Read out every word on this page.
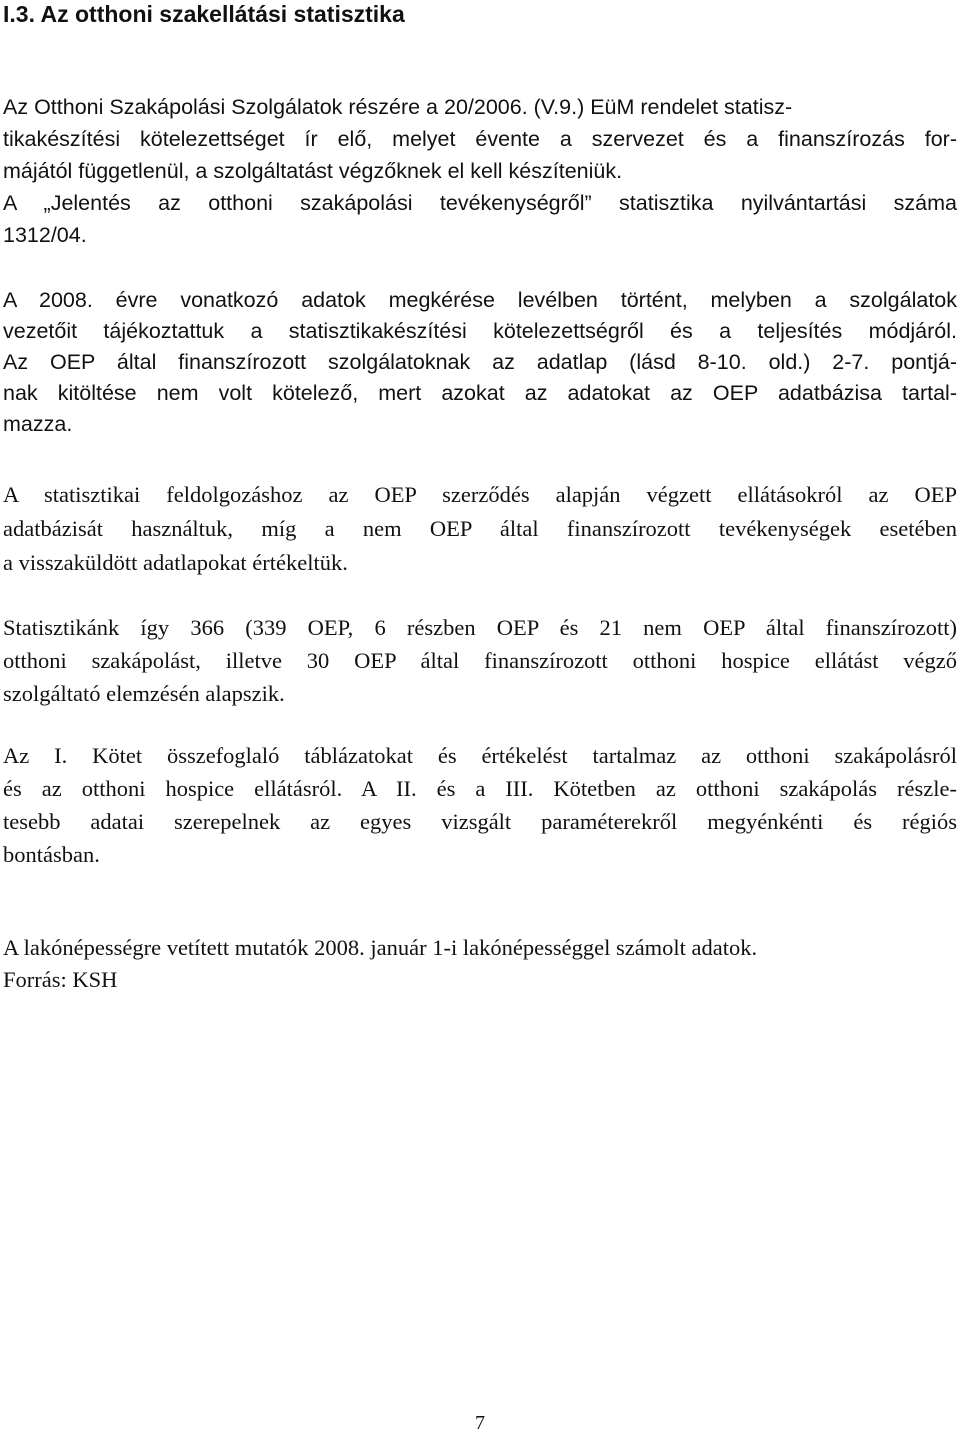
I.3. Az otthoni szakellátási statisztika

Az Otthoni Szakápolási Szolgálatok részére a 20/2006. (V.9.) EüM rendelet statisz-

tikakészítési kötelezettséget ír elő, melyet évente a szervezet és a finanszírozás for-

májától függetlenül, a szolgáltatást végzőknek el kell készíteniük.

A „Jelentés az otthoni szakápolási tevékenységről” statisztika nyilvántartási száma

1312/04.

A 2008. évre vonatkozó adatok megkérése levélben történt, melyben a szolgálatok

vezetőit tájékoztattuk a statisztikakészítési kötelezettségről és a teljesítés módjáról.

Az OEP által finanszírozott szolgálatoknak az adatlap (lásd 8-10. old.) 2-7. pontjá-

nak kitöltése nem volt kötelező, mert azokat az adatokat az OEP adatbázisa tartal-

mazza.

A statisztikai feldolgozáshoz az OEP szerződés alapján végzett ellátásokról az OEP

adatbázisát használtuk, míg a nem OEP által finanszírozott tevékenységek esetében

a visszaküldött adatlapokat értékeltük.

Statisztikánk így 366 (339 OEP, 6 részben OEP és 21 nem OEP által finanszírozott)

otthoni szakápolást, illetve 30 OEP által finanszírozott otthoni hospice ellátást végző

szolgáltató elemzésén alapszik.

Az I. Kötet összefoglaló táblázatokat és értékelést tartalmaz az otthoni szakápolásról

és az otthoni hospice ellátásról. A II. és a III. Kötetben az otthoni szakápolás részle-

tesebb adatai szerepelnek az egyes vizsgált paraméterekről megyénkénti és régiós

bontásban.

A lakónépességre vetített mutatók 2008. január 1-i lakónépességgel számolt adatok.

Forrás: KSH

7
